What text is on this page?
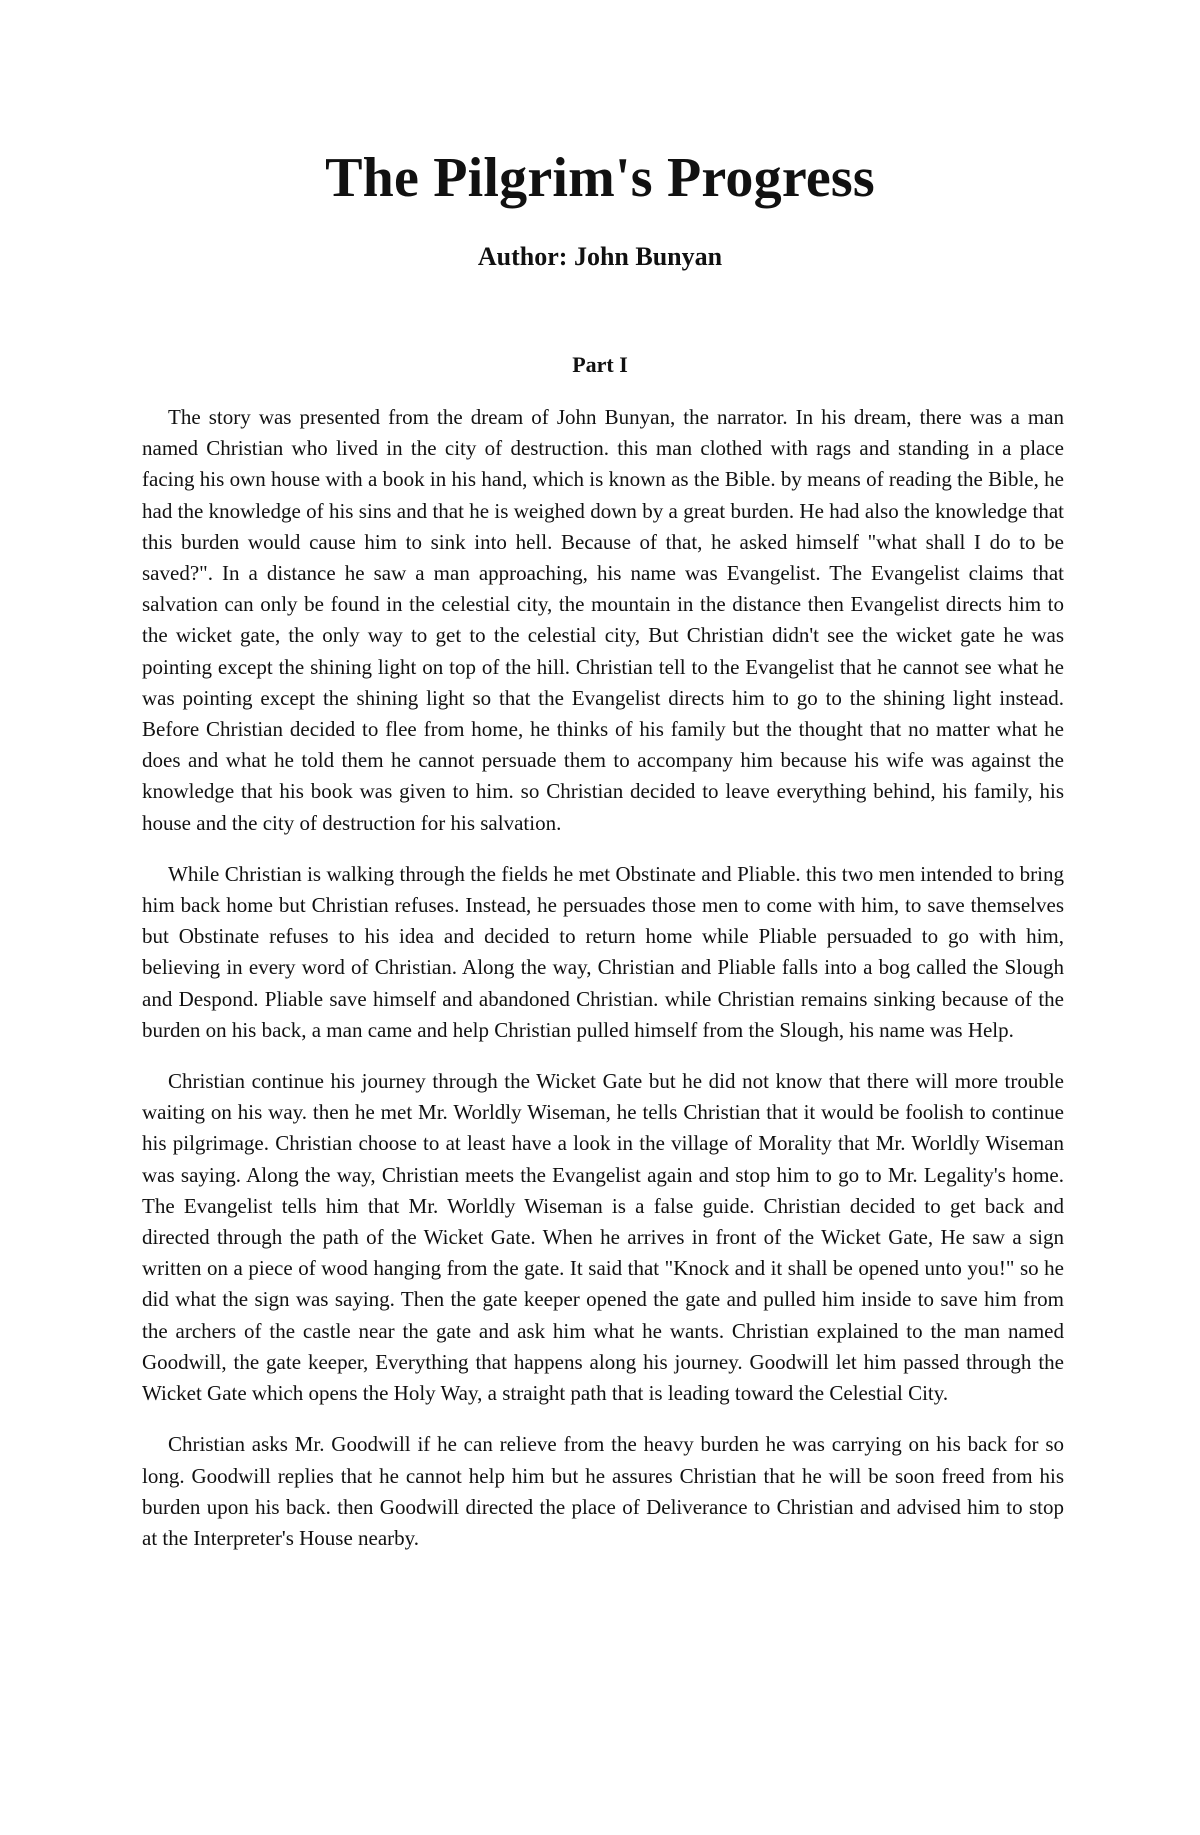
The Pilgrim's Progress
Author: John Bunyan
Part I

The story was presented from the dream of John Bunyan, the narrator. In his dream, there was a man named Christian who lived in the city of destruction. this man clothed with rags and standing in a place facing his own house with a book in his hand, which is known as the Bible. by means of reading the Bible, he had the knowledge of his sins and that he is weighed down by a great burden. He had also the knowledge that this burden would cause him to sink into hell. Because of that, he asked himself "what shall I do to be saved?". In a distance he saw a man approaching, his name was Evangelist. The Evangelist claims that salvation can only be found in the celestial city, the mountain in the distance then Evangelist directs him to the wicket gate, the only way to get to the celestial city, But Christian didn't see the wicket gate he was pointing except the shining light on top of the hill. Christian tell to the Evangelist that he cannot see what he was pointing except the shining light so that the Evangelist directs him to go to the shining light instead. Before Christian decided to flee from home, he thinks of his family but the thought that no matter what he does and what he told them he cannot persuade them to accompany him because his wife was against the knowledge that his book was given to him. so Christian decided to leave everything behind, his family, his house and the city of destruction for his salvation.

While Christian is walking through the fields he met Obstinate and Pliable. this two men intended to bring him back home but Christian refuses. Instead, he persuades those men to come with him, to save themselves but Obstinate refuses to his idea and decided to return home while Pliable persuaded to go with him, believing in every word of Christian. Along the way, Christian and Pliable falls into a bog called the Slough and Despond. Pliable save himself and abandoned Christian. while Christian remains sinking because of the burden on his back, a man came and help Christian pulled himself from the Slough, his name was Help.

Christian continue his journey through the Wicket Gate but he did not know that there will more trouble waiting on his way. then he met Mr. Worldly Wiseman, he tells Christian that it would be foolish to continue his pilgrimage. Christian choose to at least have a look in the village of Morality that Mr. Worldly Wiseman was saying. Along the way, Christian meets the Evangelist again and stop him to go to Mr. Legality's home. The Evangelist tells him that Mr. Worldly Wiseman is a false guide. Christian decided to get back and directed through the path of the Wicket Gate. When he arrives in front of the Wicket Gate, He saw a sign written on a piece of wood hanging from the gate. It said that "Knock and it shall be opened unto you!" so he did what the sign was saying. Then the gate keeper opened the gate and pulled him inside to save him from the archers of the castle near the gate and ask him what he wants. Christian explained to the man named Goodwill, the gate keeper, Everything that happens along his journey. Goodwill let him passed through the Wicket Gate which opens the Holy Way, a straight path that is leading toward the Celestial City.

Christian asks Mr. Goodwill if he can relieve from the heavy burden he was carrying on his back for so long. Goodwill replies that he cannot help him but he assures Christian that he will be soon freed from his burden upon his back. then Goodwill directed the place of Deliverance to Christian and advised him to stop at the Interpreter's House nearby.
